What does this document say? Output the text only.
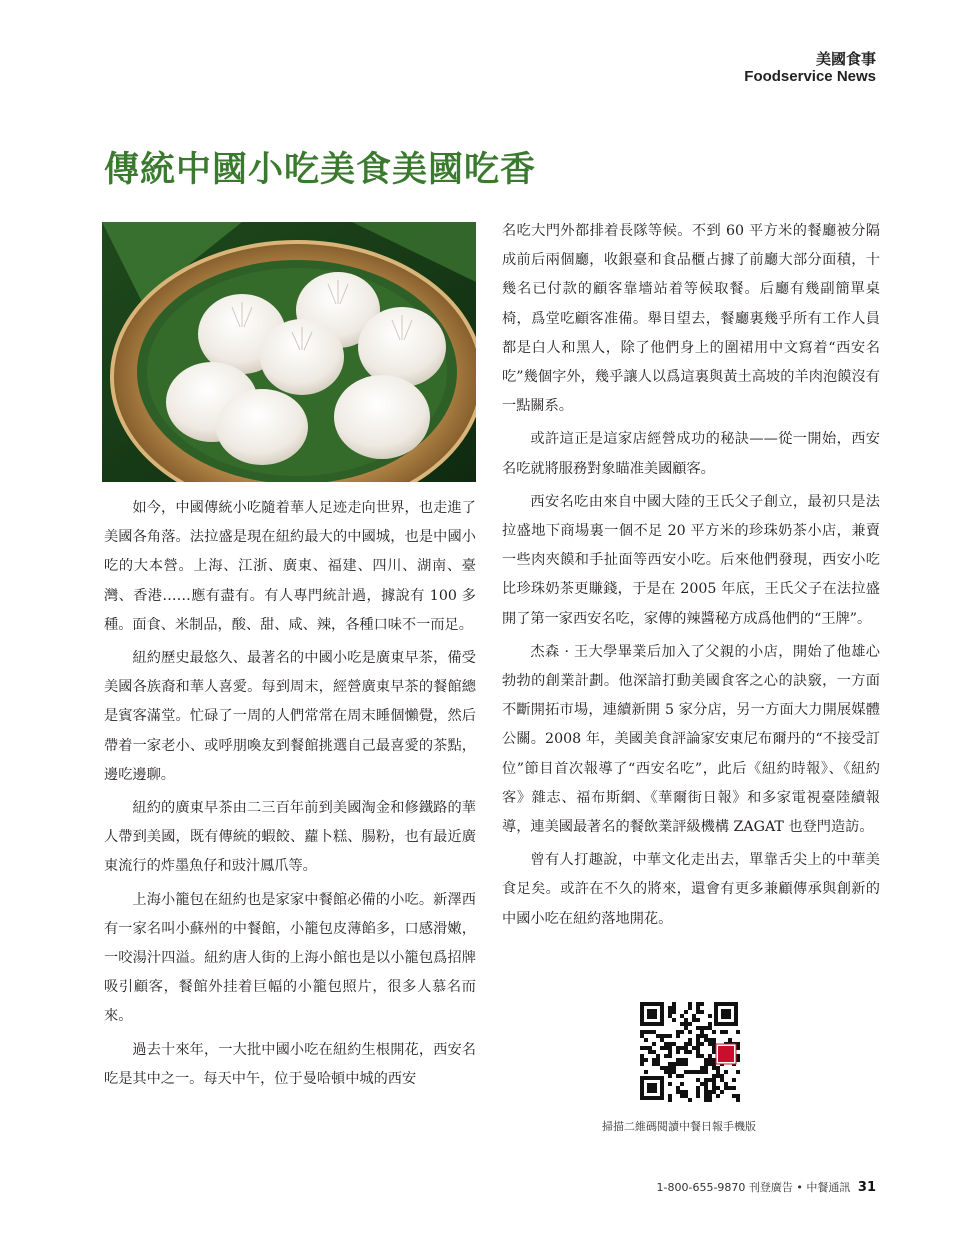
美國食事
Foodservice News
傳統中國小吃美食美國吃香

如今，中國傳統小吃隨着華人足迹走向世界，也走進了美國各角落。法拉盛是現在紐約最大的中國城，也是中國小吃的大本營。上海、江浙、廣東、福建、四川、湖南、臺灣、香港……應有盡有。有人專門統計過，據說有 100 多種。面食、米制品，酸、甜、咸、辣，各種口味不一而足。

紐約歷史最悠久、最著名的中國小吃是廣東早茶，備受美國各族裔和華人喜愛。每到周末，經營廣東早茶的餐館總是賓客滿堂。忙碌了一周的人們常常在周末睡個懶覺，然后帶着一家老小、或呼朋喚友到餐館挑選自己最喜愛的茶點，邊吃邊聊。

紐約的廣東早茶由二三百年前到美國淘金和修鐵路的華人帶到美國，既有傳統的蝦餃、蘿卜糕、腸粉，也有最近廣東流行的炸墨魚仔和豉汁鳳爪等。

上海小籠包在紐約也是家家中餐館必備的小吃。新澤西有一家名叫小蘇州的中餐館，小籠包皮薄餡多，口感滑嫩，一咬湯汁四溢。紐約唐人街的上海小館也是以小籠包爲招牌吸引顧客，餐館外挂着巨幅的小籠包照片，很多人慕名而來。

過去十來年，一大批中國小吃在紐約生根開花，西安名吃是其中之一。每天中午，位于曼哈頓中城的西安

名吃大門外都排着長隊等候。不到 60 平方米的餐廳被分隔成前后兩個廳，收銀臺和食品櫃占據了前廳大部分面積，十幾名已付款的顧客靠墻站着等候取餐。后廳有幾副簡單桌椅，爲堂吃顧客准備。舉目望去，餐廳裏幾乎所有工作人員都是白人和黑人，除了他們身上的圍裙用中文寫着“西安名吃”幾個字外，幾乎讓人以爲這裏與黃土高坡的羊肉泡饃沒有一點關系。

或許這正是這家店經營成功的秘訣——從一開始，西安名吃就將服務對象瞄准美國顧客。

西安名吃由來自中國大陸的王氏父子創立，最初只是法拉盛地下商場裏一個不足 20 平方米的珍珠奶茶小店，兼賣一些肉夾饃和手扯面等西安小吃。后來他們發現，西安小吃比珍珠奶茶更賺錢，于是在 2005 年底，王氏父子在法拉盛開了第一家西安名吃，家傳的辣醬秘方成爲他們的“王牌”。

杰森 · 王大學畢業后加入了父親的小店，開始了他雄心勃勃的創業計劃。他深諳打動美國食客之心的訣竅，一方面不斷開拓市場，連續新開 5 家分店，另一方面大力開展媒體公關。2008 年，美國美食評論家安東尼布爾丹的“不接受訂位”節目首次報導了“西安名吃”，此后《紐約時報》、《紐約客》雜志、福布斯網、《華爾街日報》和多家電視臺陸續報導，連美國最著名的餐飲業評級機構 ZAGAT 也登門造訪。

曾有人打趣說，中華文化走出去，單靠舌尖上的中華美食足矣。或許在不久的將來，還會有更多兼顧傳承與創新的中國小吃在紐約落地開花。

掃描二維碼閱讀中餐日報手機版
1-800-655-9870 刊登廣告 • 中餐通訊 31
